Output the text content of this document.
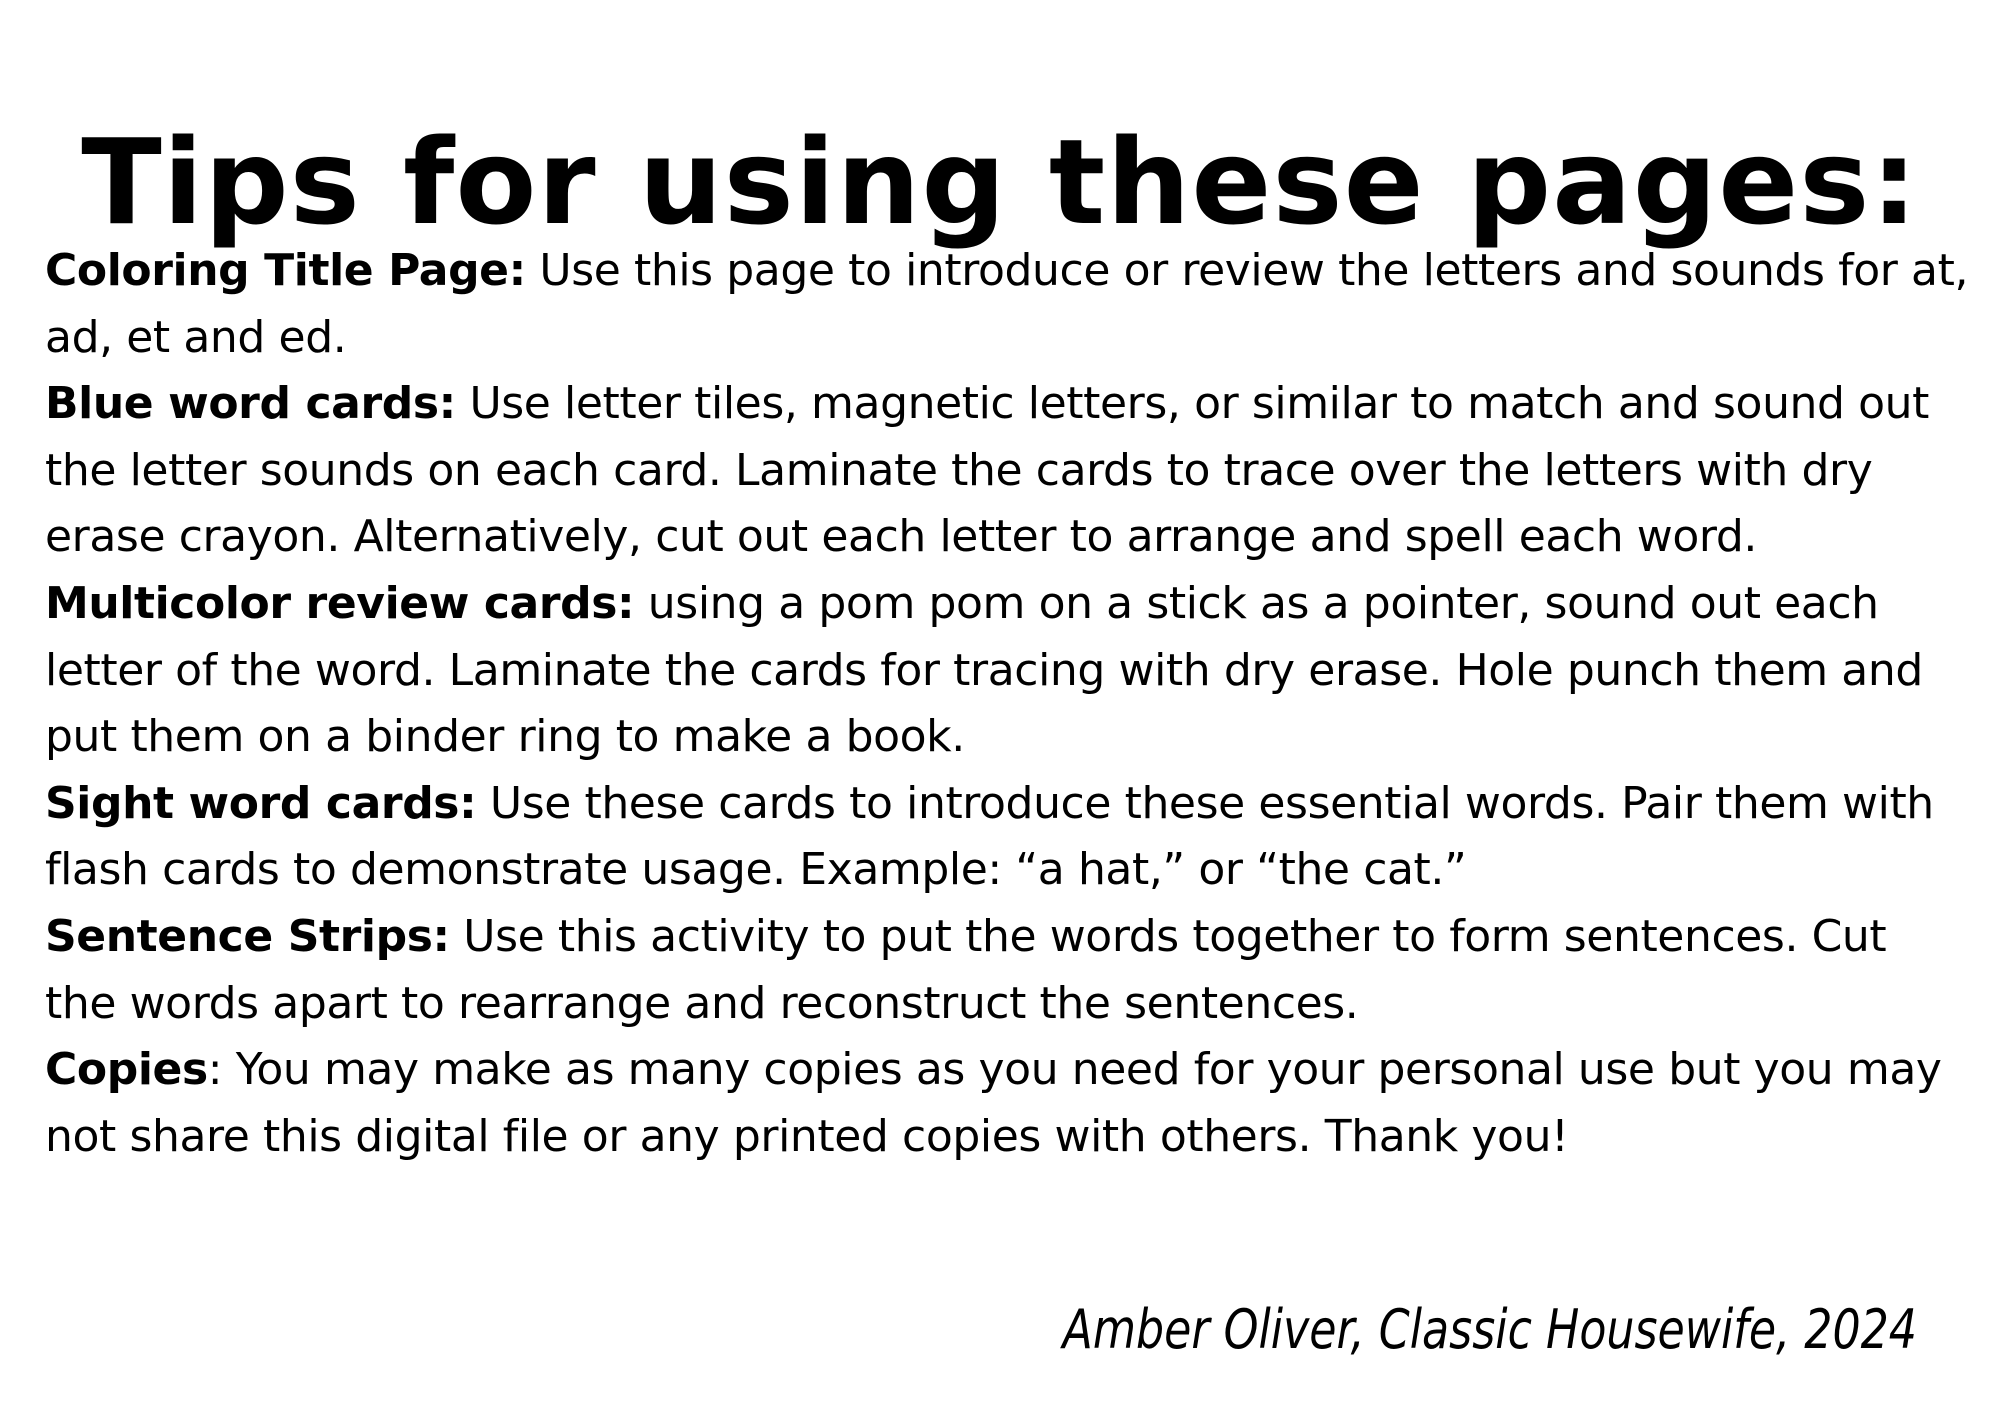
Tips for using these pages:

Coloring Title Page: Use this page to introduce or review the letters and sounds for at, ad, et and ed.

Blue word cards: Use letter tiles, magnetic letters, or similar to match and sound out the letter sounds on each card. Laminate the cards to trace over the letters with dry erase crayon. Alternatively, cut out each letter to arrange and spell each word.

Multicolor review cards: using a pom pom on a stick as a pointer, sound out each letter of the word. Laminate the cards for tracing with dry erase. Hole punch them and put them on a binder ring to make a book.

Sight word cards: Use these cards to introduce these essential words. Pair them with flash cards to demonstrate usage. Example: “a hat,” or “the cat.”

Sentence Strips: Use this activity to put the words together to form sentences. Cut the words apart to rearrange and reconstruct the sentences.

Copies: You may make as many copies as you need for your personal use but you may not share this digital file or any printed copies with others. Thank you!

Amber Oliver, Classic Housewife, 2024
